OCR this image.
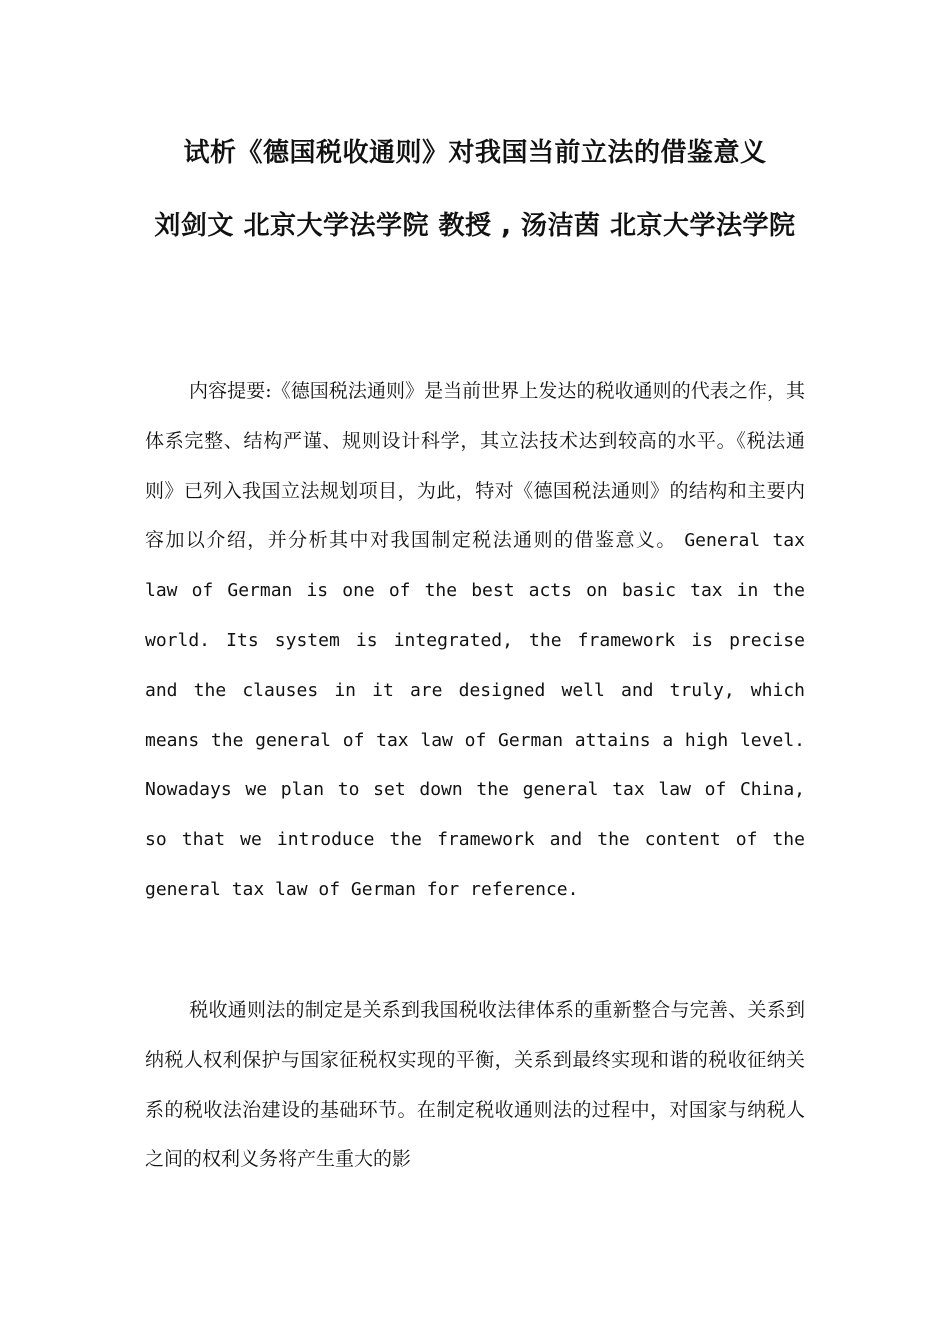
试析《德国税收通则》对我国当前立法的借鉴意义
刘剑文 北京大学法学院 教授 , 汤洁茵 北京大学法学院
内容提要:《德国税法通则》是当前世界上发达的税收通则的代表之作，其体系完整、结构严谨、规则设计科学，其立法技术达到较高的水平。《税法通则》已列入我国立法规划项目，为此，特对《德国税法通则》的结构和主要内容加以介绍，并分析其中对我国制定税法通则的借鉴意义。 General tax law of German is one of the best acts on basic tax in the world. Its system is integrated, the framework is precise and the clauses in it are designed well and truly, which means the general of tax law of German attains a high level. Nowadays we plan to set down the general tax law of China, so that we introduce the framework and the content of the general tax law of German for reference.
税收通则法的制定是关系到我国税收法律体系的重新整合与完善、关系到纳税人权利保护与国家征税权实现的平衡，关系到最终实现和谐的税收征纳关系的税收法治建设的基础环节。在制定税收通则法的过程中，对国家与纳税人之间的权利义务将产生重大的影
